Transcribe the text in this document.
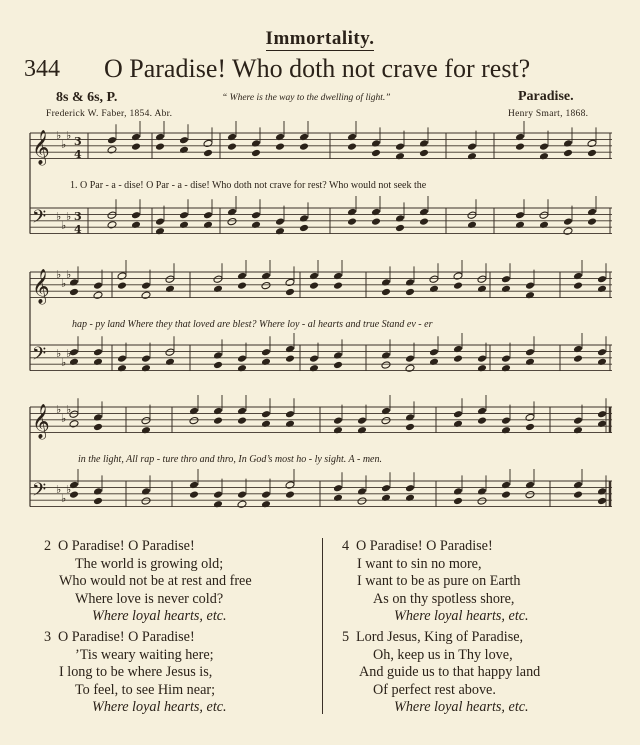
Immortality.
344 O Paradise! Who doth not crave for rest?
8s & 6s, P.	“ Where is the way to the dwelling of light.”	Paradise.
Frederick W. Faber, 1854. Abr.	Henry Smart, 1868.
𝄞 ♭
♭
♭ 3
4
𝄢 ♭
♭
♭ 3
4
𝄞 ♭
♭
♭
𝄢 ♭
♭
♭
𝄞 ♭
♭
♭
𝄢 ♭
♭
♭
1. O Par - a - dise! O Par - a - dise! Who doth not crave for rest? Who would not seek the
hap - py land Where they that loved are blest? Where loy - al hearts and true Stand ev - er
in the light, All rap - ture thro and thro, In God’s most ho - ly sight. A - men.
2 O Paradise! O Paradise!
The world is growing old;
Who would not be at rest and free
Where love is never cold?
Where loyal hearts, etc.
3 O Paradise! O Paradise!
’Tis weary waiting here;
I long to be where Jesus is,
To feel, to see Him near;
Where loyal hearts, etc.
4 O Paradise! O Paradise!
I want to sin no more,
I want to be as pure on Earth
As on thy spotless shore,
Where loyal hearts, etc.
5 Lord Jesus, King of Paradise,
Oh, keep us in Thy love,
And guide us to that happy land
Of perfect rest above.
Where loyal hearts, etc.
